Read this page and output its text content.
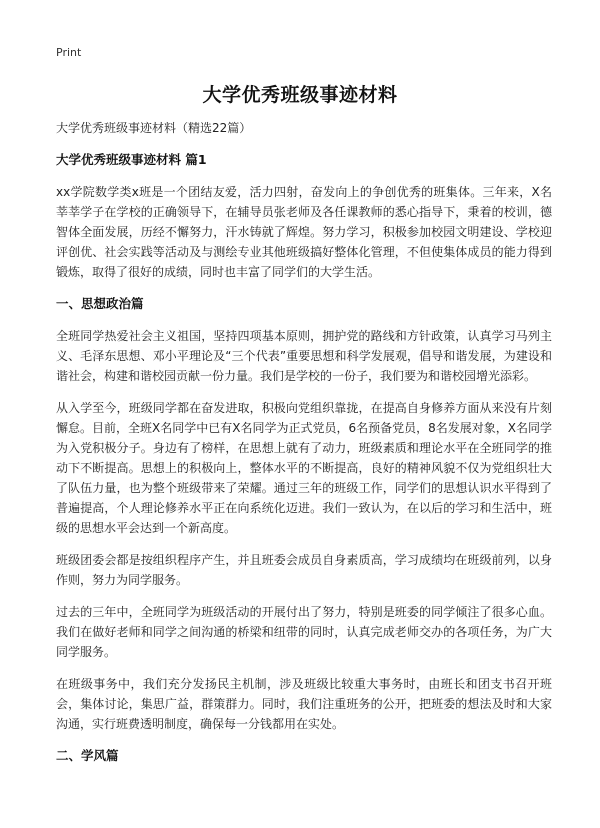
Print
大学优秀班级事迹材料

大学优秀班级事迹材料（精选22篇）

大学优秀班级事迹材料 篇1

xx学院数学类x班是一个团结友爱，活力四射，奋发向上的争创优秀的班集体。三年来，X名莘莘学子在学校的正确领导下，在辅导员张老师及各任课教师的悉心指导下，秉着的校训，德智体全面发展，历经不懈努力，汗水铸就了辉煌。努力学习，积极参加校园文明建设、学校迎评创优、社会实践等活动及与测绘专业其他班级搞好整体化管理，不但使集体成员的能力得到锻炼，取得了很好的成绩，同时也丰富了同学们的大学生活。

一、思想政治篇

全班同学热爱社会主义祖国，坚持四项基本原则，拥护党的路线和方针政策，认真学习马列主义、毛泽东思想、邓小平理论及“三个代表”重要思想和科学发展观，倡导和谐发展，为建设和谐社会，构建和谐校园贡献一份力量。我们是学校的一份子，我们要为和谐校园增光添彩。

从入学至今，班级同学都在奋发进取，积极向党组织靠拢，在提高自身修养方面从来没有片刻懈怠。目前，全班X名同学中已有X名同学为正式党员，6名预备党员，8名发展对象，X名同学为入党积极分子。身边有了榜样，在思想上就有了动力，班级素质和理论水平在全班同学的推动下不断提高。思想上的积极向上，整体水平的不断提高，良好的精神风貌不仅为党组织壮大了队伍力量，也为整个班级带来了荣耀。通过三年的班级工作，同学们的思想认识水平得到了普遍提高，个人理论修养水平正在向系统化迈进。我们一致认为，在以后的学习和生活中，班级的思想水平会达到一个新高度。

班级团委会都是按组织程序产生，并且班委会成员自身素质高，学习成绩均在班级前列，以身作则，努力为同学服务。

过去的三年中，全班同学为班级活动的开展付出了努力，特别是班委的同学倾注了很多心血。我们在做好老师和同学之间沟通的桥梁和纽带的同时，认真完成老师交办的各项任务，为广大同学服务。

在班级事务中，我们充分发扬民主机制，涉及班级比较重大事务时，由班长和团支书召开班会，集体讨论，集思广益，群策群力。同时，我们注重班务的公开，把班委的想法及时和大家沟通，实行班费透明制度，确保每一分钱都用在实处。

二、学风篇
